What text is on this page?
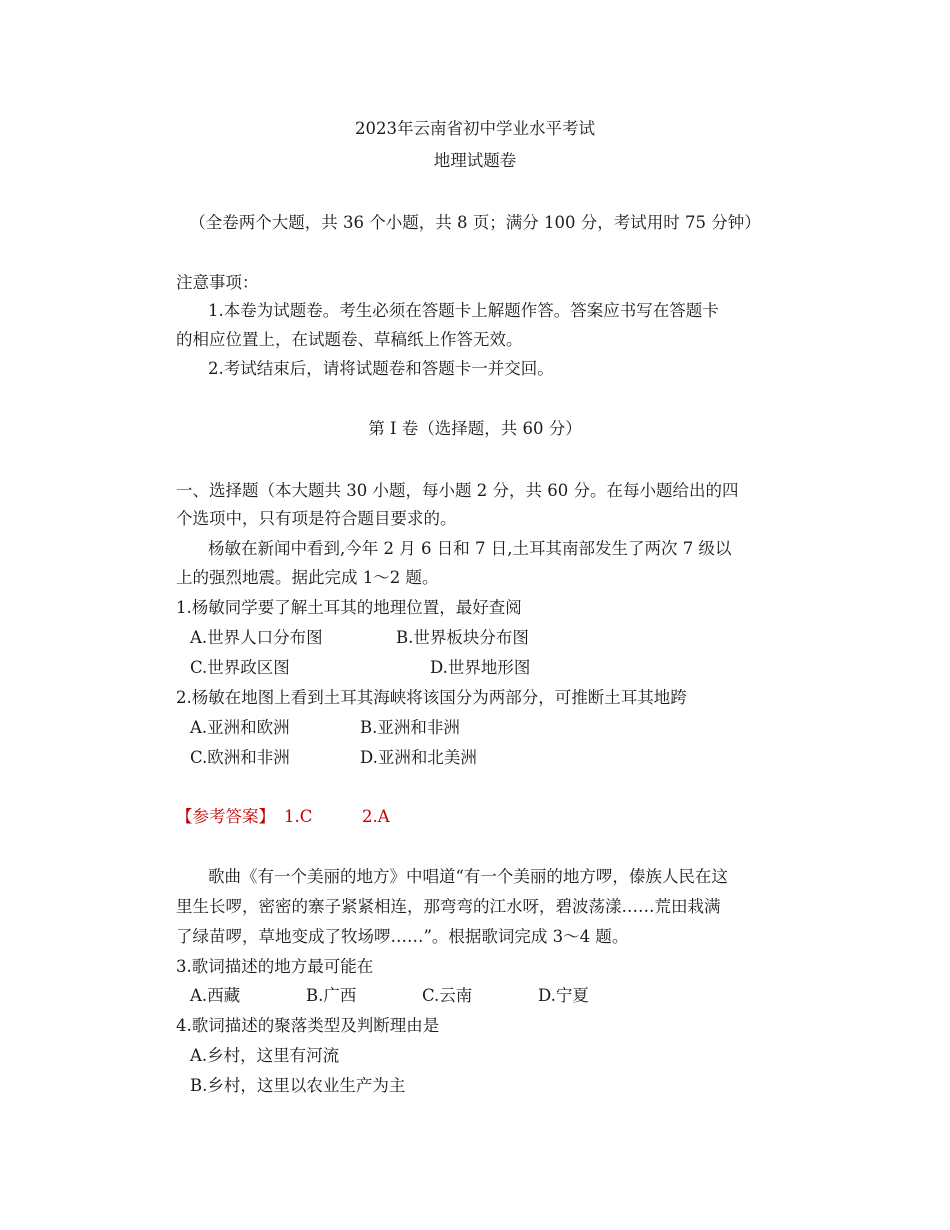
2023年云南省初中学业水平考试
地理试题卷
（全卷两个大题，共 36 个小题，共 8 页；满分 100 分，考试用时 75 分钟）
注意事项：
1.本卷为试题卷。考生必须在答题卡上解题作答。答案应书写在答题卡
的相应位置上，在试题卷、草稿纸上作答无效。
2.考试结束后，请将试题卷和答题卡一并交回。
第 I 卷（选择题，共 60 分）
一、选择题（本大题共 30 小题，每小题 2 分，共 60 分。在每小题给出的四
个选项中，只有项是符合题目要求的。
杨敏在新闻中看到,今年 2 月 6 日和 7 日,土耳其南部发生了两次 7 级以
上的强烈地震。据此完成 1～2 题。
1.杨敏同学要了解土耳其的地理位置，最好查阅
A.世界人口分布图	B.世界板块分布图
C.世界政区图	D.世界地形图
2.杨敏在地图上看到土耳其海峡将该国分为两部分，可推断土耳其地跨
A.亚洲和欧洲	B.亚洲和非洲
C.欧洲和非洲	D.亚洲和北美洲
【参考答案】 1.C	2.A
歌曲《有一个美丽的地方》中唱道“有一个美丽的地方啰，傣族人民在这
里生长啰，密密的寨子紧紧相连，那弯弯的江水呀，碧波荡漾……荒田栽满
了绿苗啰，草地变成了牧场啰……”。根据歌词完成 3～4 题。
3.歌词描述的地方最可能在
A.西藏	B.广西	C.云南	D.宁夏
4.歌词描述的聚落类型及判断理由是
A.乡村，这里有河流
B.乡村，这里以农业生产为主
